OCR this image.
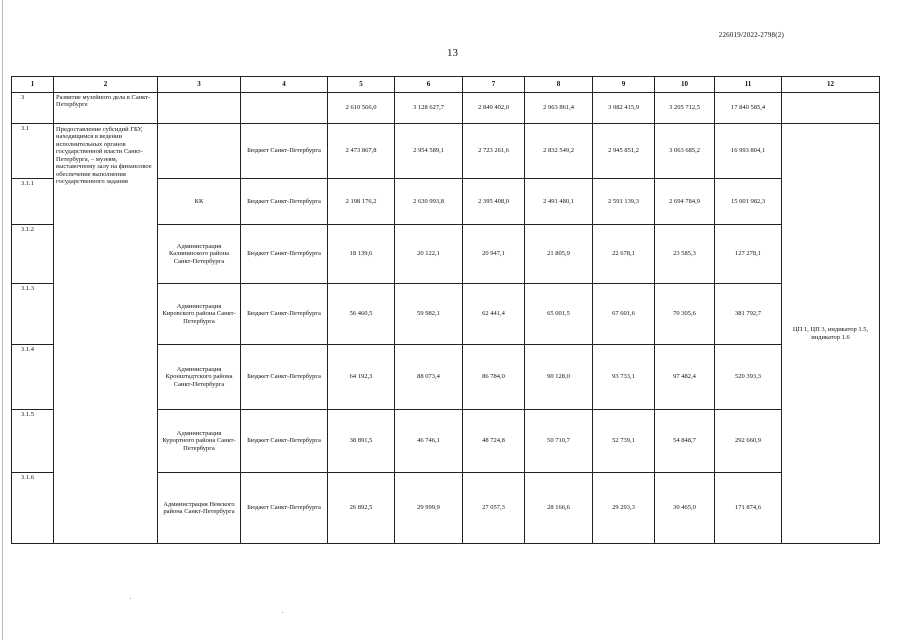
226019/2022-2798(2)
13
1	2	3	4	5	6	7	8	9	10	11	12
3	Развитие музейного дела в Санкт-Петербурге			2 610 566,0	3 128 627,7	2 849 402,0	2 963 861,4	3 082 415,9	3 205 712,5	17 840 585,4	
3.1	Предоставление субсидий ГБУ, находящимся в ведении исполнительных органов государственной власти Санкт-Петербурга, – музеям, выставочному залу на финансовое обеспечение выполнения государственного задания		Бюджет Санкт-Петербурга	2 473 867,8	2 954 589,1	2 723 261,6	2 832 549,2	2 945 851,2	3 063 685,2	16 993 804,1	ЦП 1, ЦП 3, индикатор 1.5, индикатор 1.6
3.1.1		КК	Бюджет Санкт-Петербурга	2 198 176,2	2 630 993,8	2 395 408,0	2 491 480,1	2 591 139,3	2 694 784,9	15 001 982,3	
3.1.2		Администрация Калининского района Санкт-Петербурга	Бюджет Санкт-Петербурга	18 139,6	20 122,1	20 947,1	21 805,9	22 678,1	23 585,3	127 278,1	
3.1.3		Администрация Кировского района Санкт-Петербурга	Бюджет Санкт-Петербурга	56 460,5	59 982,1	62 441,4	65 001,5	67 601,6	70 305,6	381 792,7	
3.1.4		Администрация Кронштадтского района Санкт-Петербурга	Бюджет Санкт-Петербурга	64 192,3	88 073,4	86 784,0	90 128,0	93 733,1	97 482,4	520 393,3	
3.1.5		Администрация Курортного района Санкт-Петербурга	Бюджет Санкт-Петербурга	38 891,5	46 746,1	48 724,8	50 710,7	52 739,1	54 848,7	292 660,9	
3.1.6		Администрация Невского района Санкт-Петербурга	Бюджет Санкт-Петербурга	26 892,5	29 999,9	27 057,3	28 166,6	29 293,3	30 465,0	171 874,6	
